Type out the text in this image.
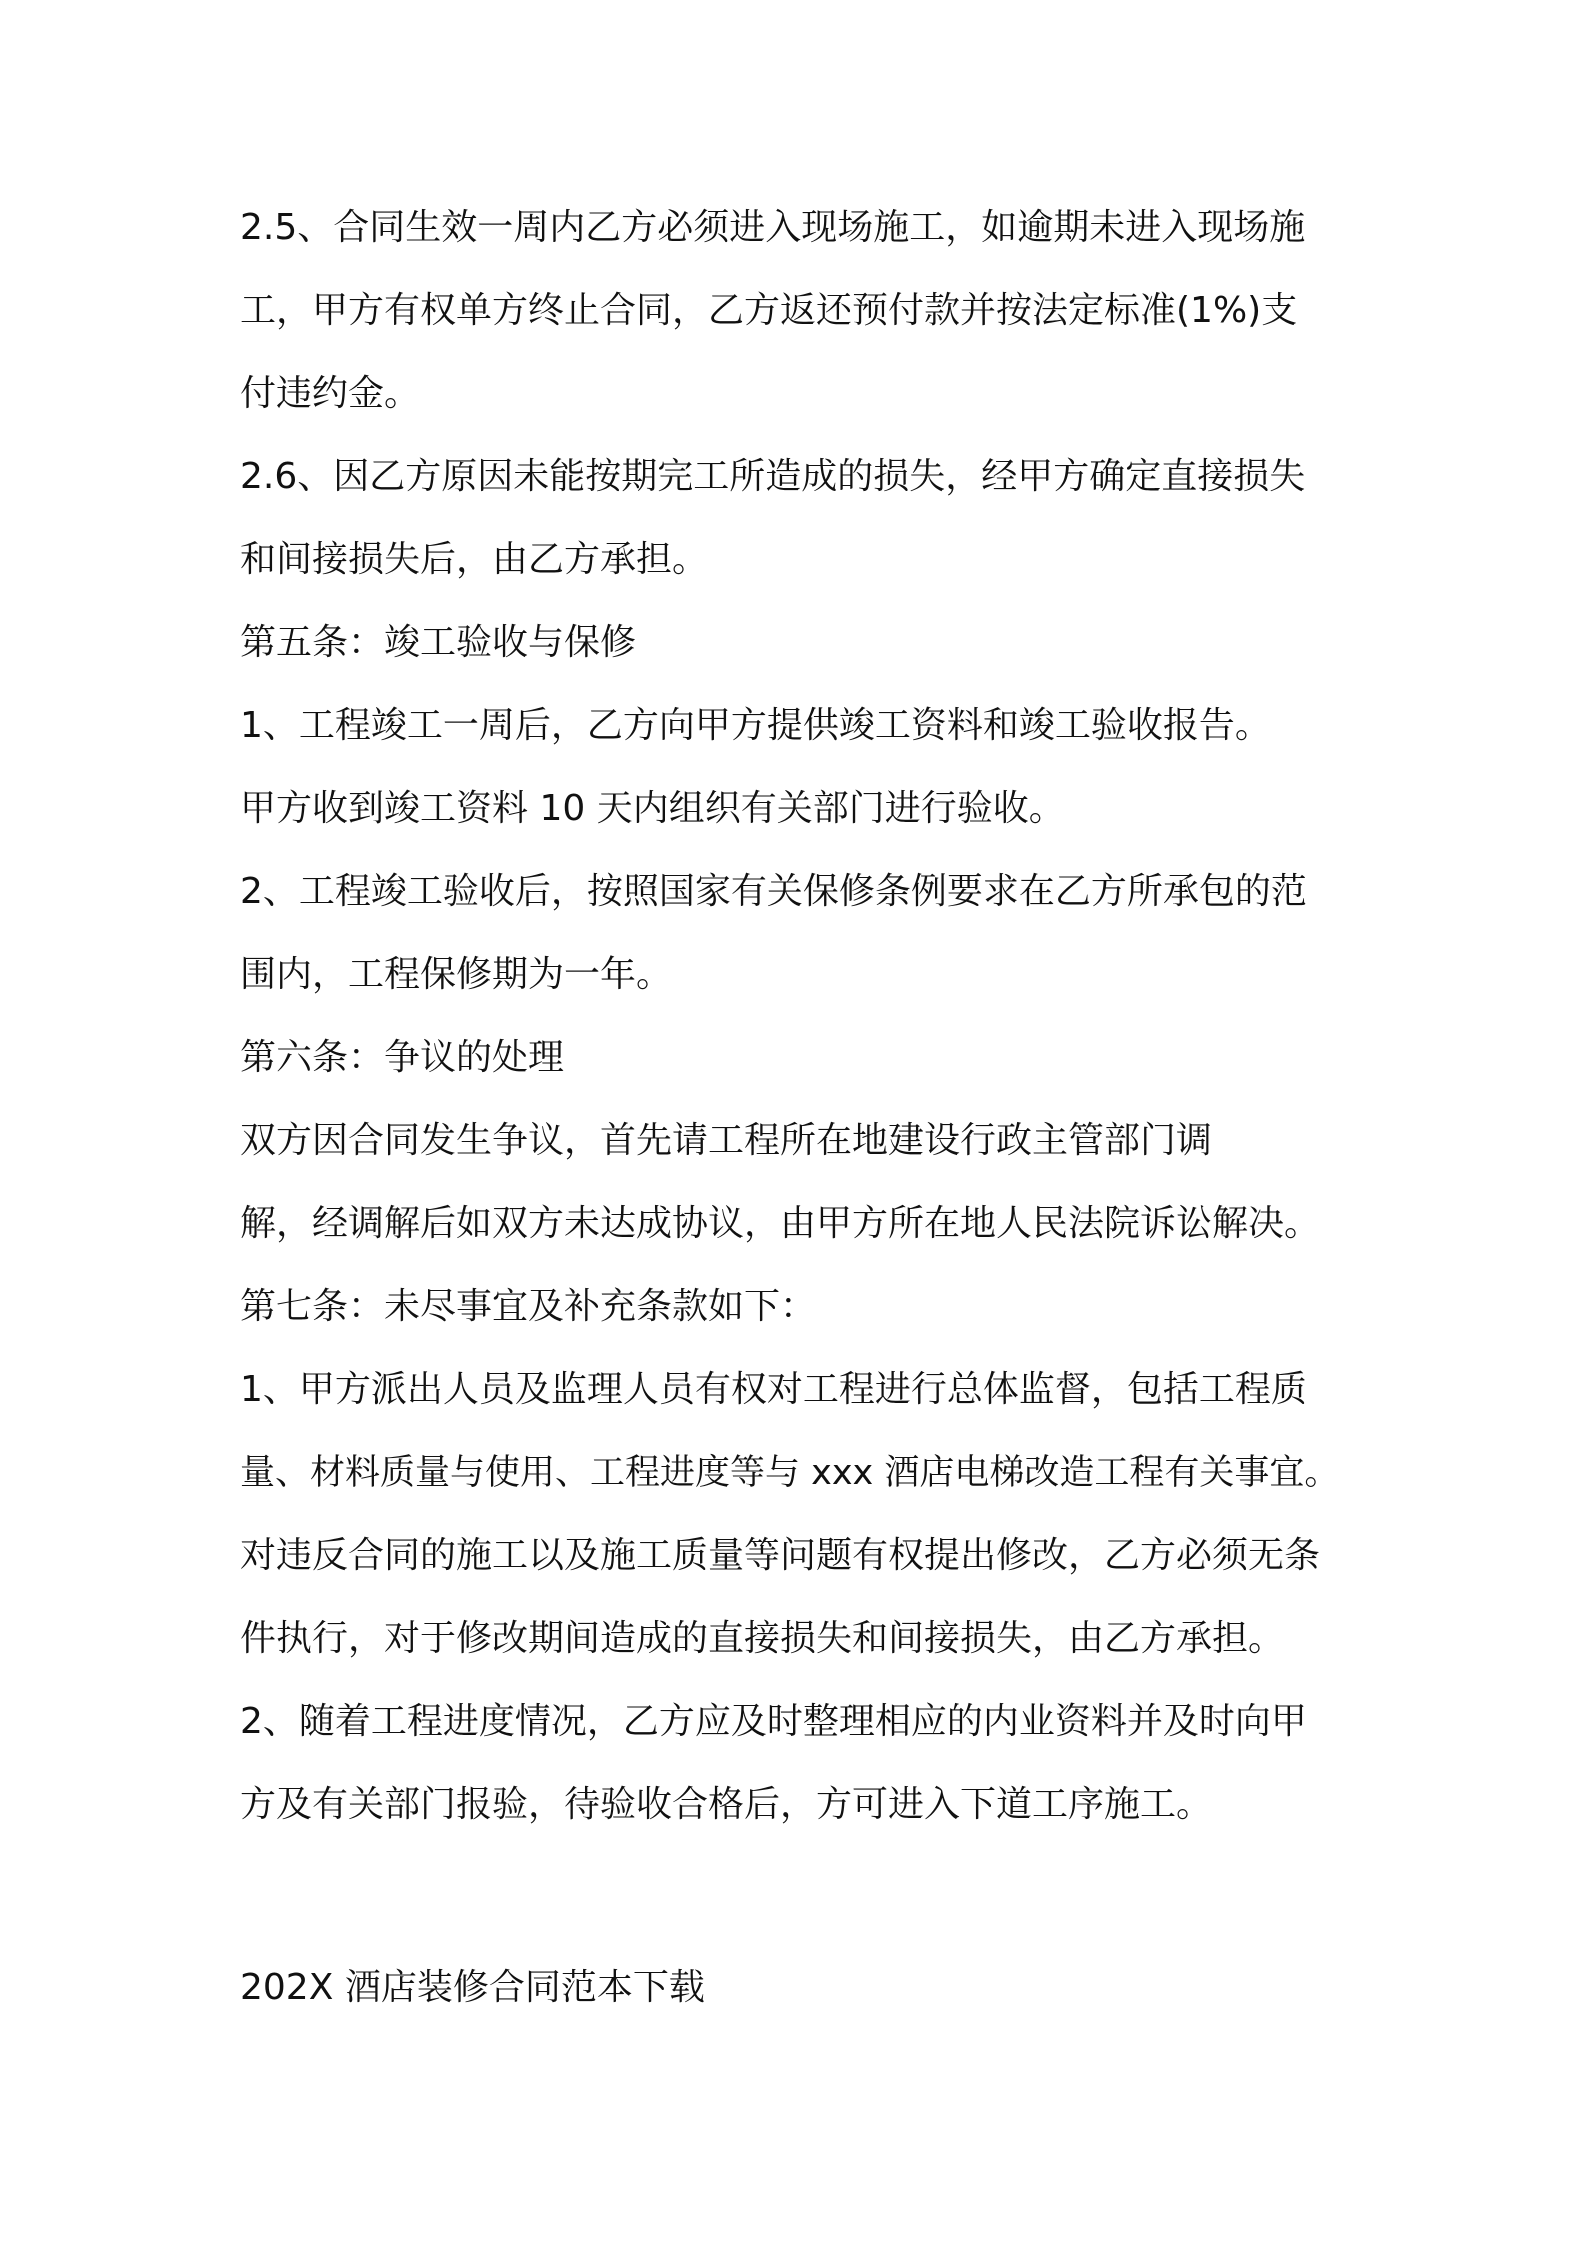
2.5、合同生效一周内乙方必须进入现场施工，如逾期未进入现场施
工，甲方有权单方终止合同，乙方返还预付款并按法定标准(1%)支
付违约金。
2.6、因乙方原因未能按期完工所造成的损失，经甲方确定直接损失
和间接损失后，由乙方承担。
第五条：竣工验收与保修
1、工程竣工一周后，乙方向甲方提供竣工资料和竣工验收报告。
甲方收到竣工资料 10 天内组织有关部门进行验收。
2、工程竣工验收后，按照国家有关保修条例要求在乙方所承包的范
围内，工程保修期为一年。
第六条：争议的处理
双方因合同发生争议，首先请工程所在地建设行政主管部门调
解，经调解后如双方未达成协议，由甲方所在地人民法院诉讼解决。
第七条：未尽事宜及补充条款如下：
1、甲方派出人员及监理人员有权对工程进行总体监督，包括工程质
量、材料质量与使用、工程进度等与 xxx 酒店电梯改造工程有关事宜。
对违反合同的施工以及施工质量等问题有权提出修改，乙方必须无条
件执行，对于修改期间造成的直接损失和间接损失，由乙方承担。
2、随着工程进度情况，乙方应及时整理相应的内业资料并及时向甲
方及有关部门报验，待验收合格后，方可进入下道工序施工。
202X 酒店装修合同范本下载
